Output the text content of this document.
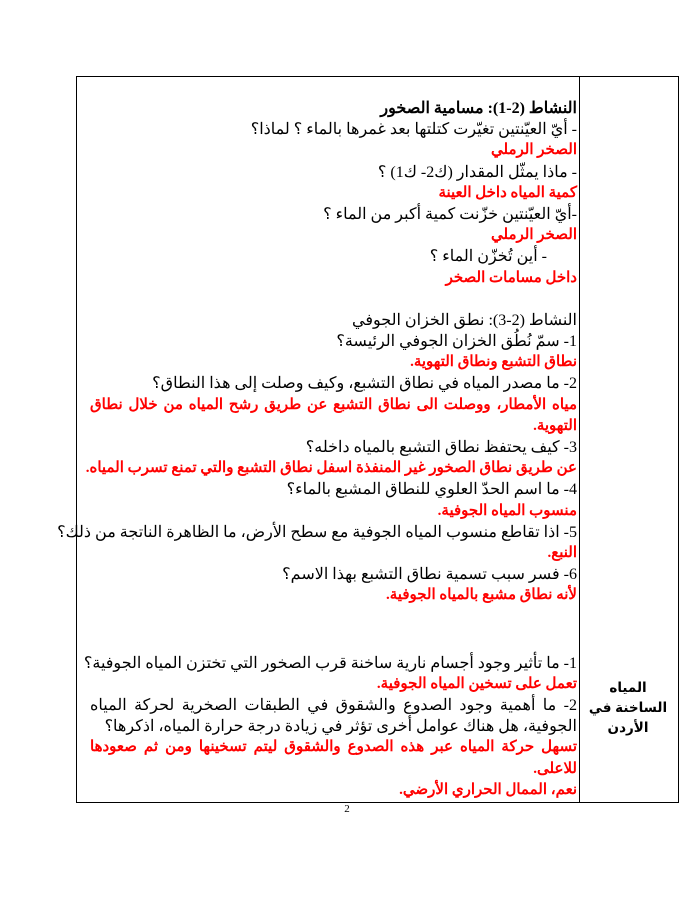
النشاط (2-1): مسامية الصخور

- أيّ العيّنتين تغيّرت كتلتها بعد غمرها بالماء ؟ لماذا؟

الصخر الرملي

- ماذا يمثّل المقدار (ك2- ك1) ؟

كمية المياه داخل العينة

-أيّ العيّنتين خزّنت كمية أكبر من الماء ؟

الصخر الرملي

- أين تُخزّن الماء ؟

داخل مسامات الصخر

النشاط (2-3): نطق الخزان الجوفي

1- سمّ نُطُق الخزان الجوفي الرئيسة؟

نطاق التشبع ونطاق التهوية.

2- ما مصدر المياه في نطاق التشبع، وكيف وصلت إلى هذا النطاق؟

مياه الأمطار، ووصلت الى نطاق التشبع عن طريق رشح المياه من خلال نطاق التهوية.

3- كيف يحتفظ نطاق التشبع بالمياه داخله؟

عن طريق نطاق الصخور غير المنفذة اسفل نطاق التشبع والتي تمنع تسرب المياه.

4- ما اسم الحدّ العلوي للنطاق المشبع بالماء؟

منسوب المياه الجوفية.

5- اذا تقاطع منسوب المياه الجوفية مع سطح الأرض، ما الظاهرة الناتجة من ذلك؟

النبع.

6- فسر سبب تسمية نطاق التشبع بهذا الاسم؟

لأنه نطاق مشبع بالمياه الجوفية.

1- ما تأثير وجود أجسام نارية ساخنة قرب الصخور التي تختزن المياه الجوفية؟

تعمل على تسخين المياه الجوفية.

2- ما أهمية وجود الصدوع والشقوق في الطبقات الصخرية لحركة المياه الجوفية، هل هناك عوامل أخرى تؤثر في زيادة درجة حرارة المياه، اذكرها؟

تسهل حركة المياه عبر هذه الصدوع والشقوق ليتم تسخينها ومن ثم صعودها للاعلى.

نعم، الممال الحراري الأرضي.

المياه الساخنة في الأردن
2
